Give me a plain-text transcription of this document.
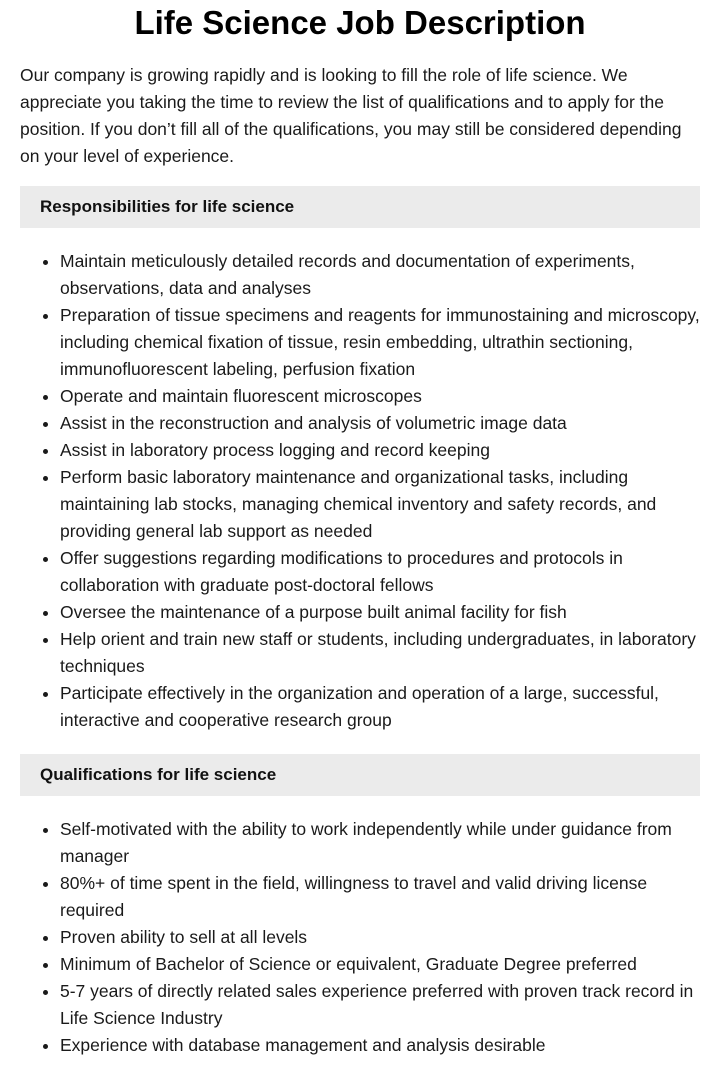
Life Science Job Description

Our company is growing rapidly and is looking to fill the role of life science. We appreciate you taking the time to review the list of qualifications and to apply for the position. If you don’t fill all of the qualifications, you may still be considered depending on your level of experience.

Responsibilities for life science
• Maintain meticulously detailed records and documentation of experiments, observations, data and analyses
• Preparation of tissue specimens and reagents for immunostaining and microscopy, including chemical fixation of tissue, resin embedding, ultrathin sectioning, immunofluorescent labeling, perfusion fixation
• Operate and maintain fluorescent microscopes
• Assist in the reconstruction and analysis of volumetric image data
• Assist in laboratory process logging and record keeping
• Perform basic laboratory maintenance and organizational tasks, including maintaining lab stocks, managing chemical inventory and safety records, and providing general lab support as needed
• Offer suggestions regarding modifications to procedures and protocols in collaboration with graduate post-doctoral fellows
• Oversee the maintenance of a purpose built animal facility for fish
• Help orient and train new staff or students, including undergraduates, in laboratory techniques
• Participate effectively in the organization and operation of a large, successful, interactive and cooperative research group
Qualifications for life science
• Self-motivated with the ability to work independently while under guidance from manager
• 80%+ of time spent in the field, willingness to travel and valid driving license required
• Proven ability to sell at all levels
• Minimum of Bachelor of Science or equivalent, Graduate Degree preferred
• 5-7 years of directly related sales experience preferred with proven track record in Life Science Industry
• Experience with database management and analysis desirable
